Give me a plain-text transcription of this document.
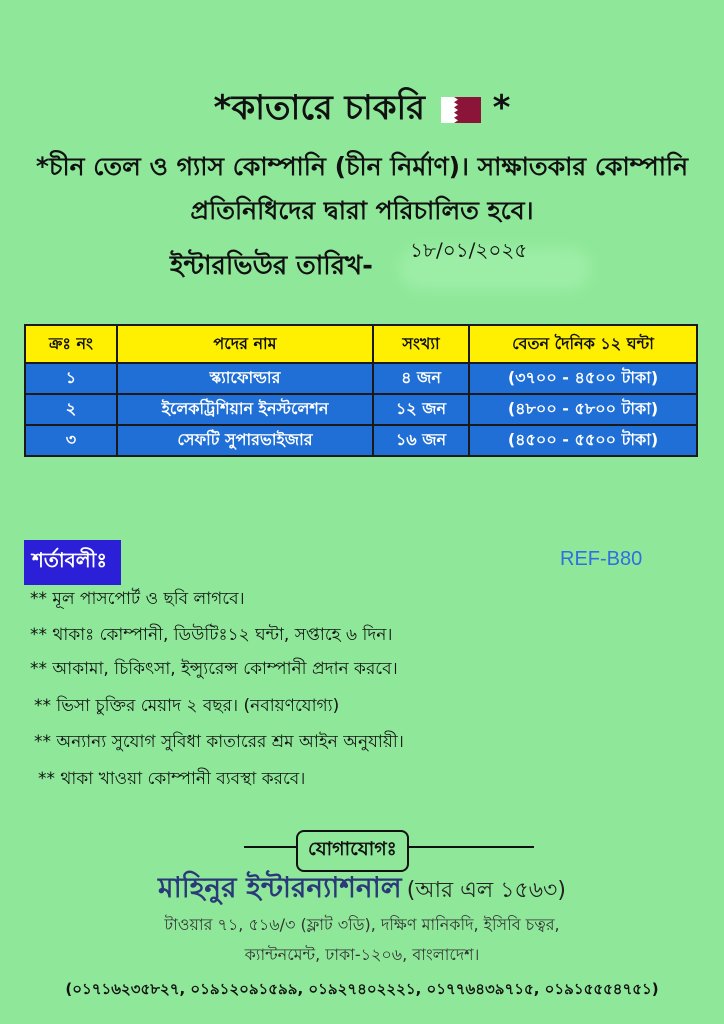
*কাতারে চাকরি *
*চীন তেল ও গ্যাস কোম্পানি (চীন নির্মাণ)। সাক্ষাতকার কোম্পানি প্রতিনিধিদের দ্বারা পরিচালিত হবে।
ইন্টারভিউর তারিখ-
১৮/০১/২০২৫
ক্রঃ নং	পদের নাম	সংখ্যা	বেতন দৈনিক ১২ ঘন্টা
১	স্ক্যাফোল্ডার	৪ জন	(৩৭০০ - ৪৫০০ টাকা)
২	ইলেকট্রিশিয়ান ইনস্টলেশন	১২ জন	(৪৮০০ - ৫৮০০ টাকা)
৩	সেফটি সুপারভাইজার	১৬ জন	(৪৫০০ - ৫৫০০ টাকা)
শর্তাবলীঃ	REF-B80
** মূল পাসপোর্ট ও ছবি লাগবে।
** থাকাঃ কোম্পানী, ডিউটিঃ১২ ঘন্টা, সপ্তাহে ৬ দিন।
** আকামা, চিকিৎসা, ইন্স্যুরেন্স কোম্পানী প্রদান করবে।
** ভিসা চুক্তির মেয়াদ ২ বছর। (নবায়ণযোগ্য)
** অন্যান্য সুযোগ সুবিধা কাতারের শ্রম আইন অনুযায়ী।
** থাকা খাওয়া কোম্পানী ব্যবস্থা করবে।
যোগাযোগঃ
মাহিনুর ইন্টারন্যাশনাল (আর এল ১৫৬৩)
টাওয়ার ৭১, ৫১৬/৩ (ফ্লাট ৩ডি), দক্ষিণ মানিকদি, ইসিবি চত্বর,
ক্যান্টনমেন্ট, ঢাকা-১২০৬, বাংলাদেশ।
(০১৭১৬২৩৫৮২৭, ০১৯১২০৯১৫৯৯, ০১৯২৭৪০২২২১, ০১৭৭৬৪৩৯৭১৫, ০১৯১৫৫৫৪৭৫১)
